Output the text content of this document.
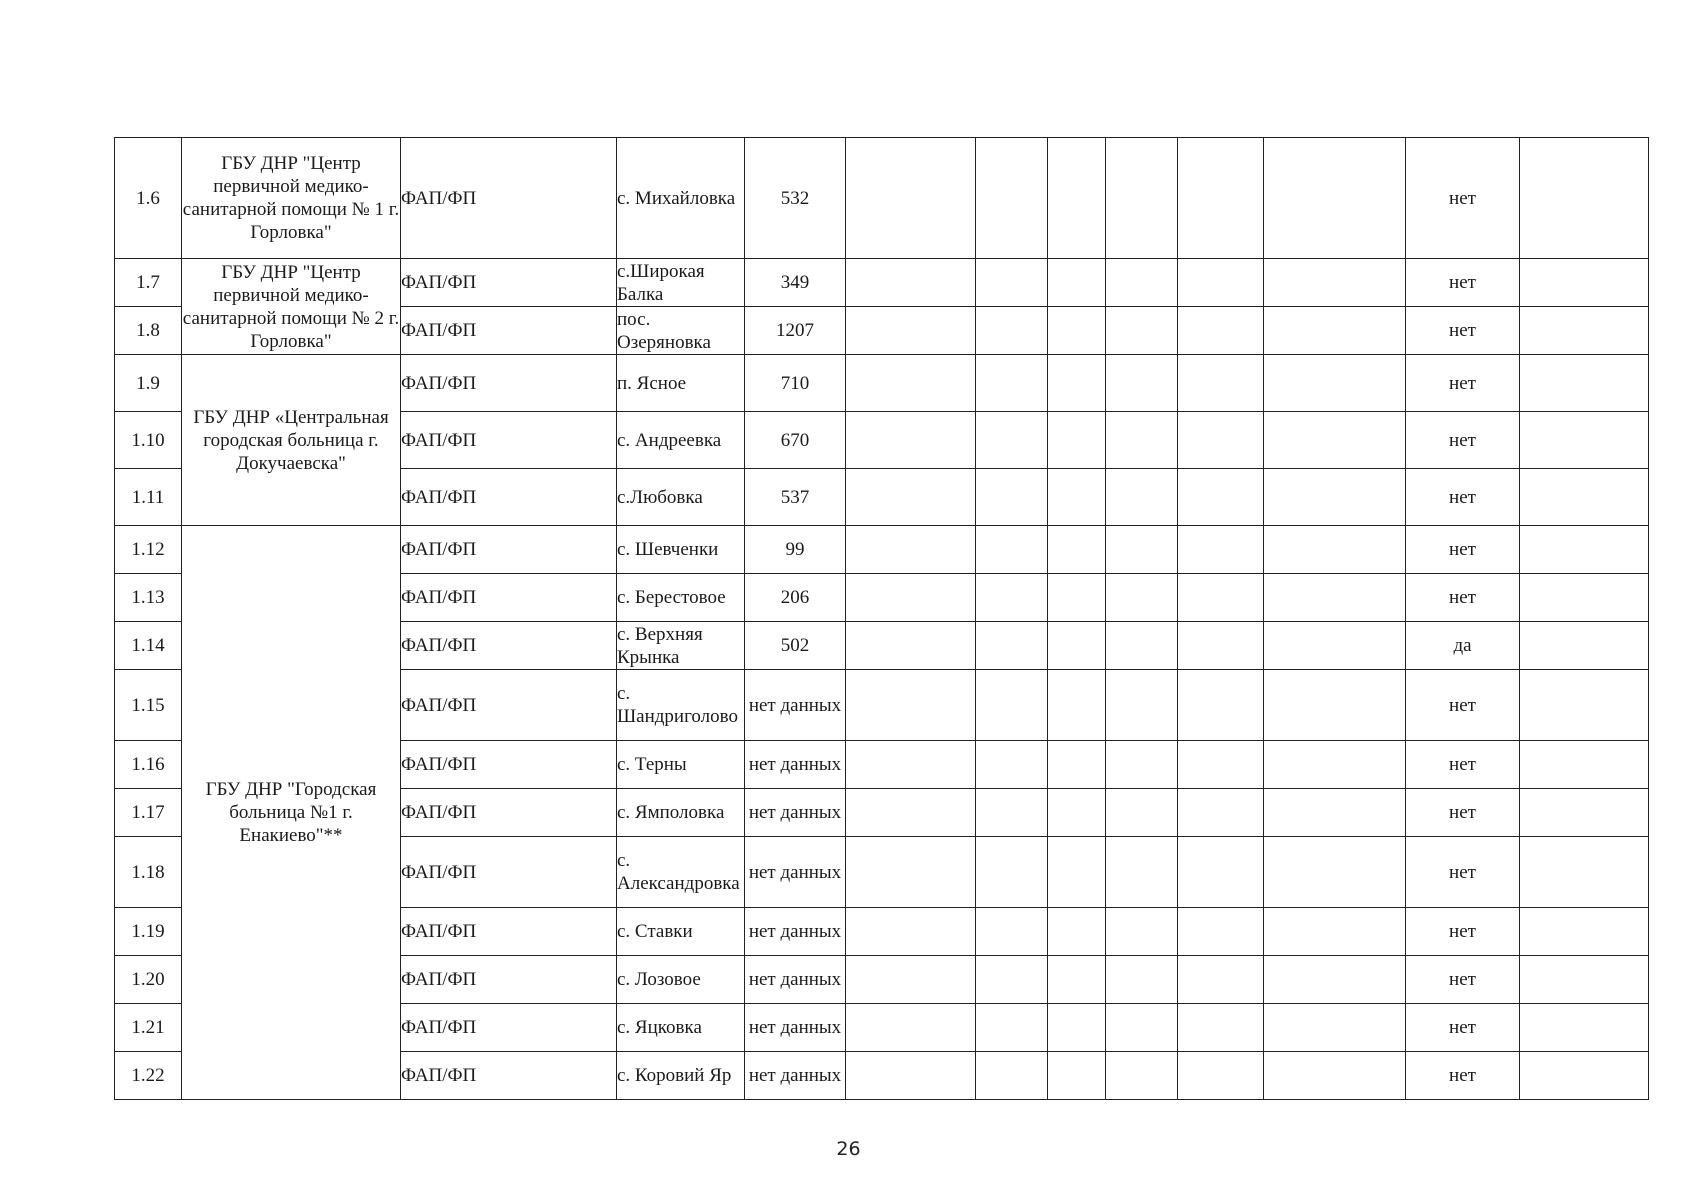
1.6	ГБУ ДНР "Центр первичной медико-санитарной помощи № 1 г. Горловка"	ФАП/ФП	с. Михайловка	532							нет	
1.7	ГБУ ДНР "Центр первичной медико-санитарной помощи № 2 г. Горловка"	ФАП/ФП	с.Широкая Балка	349							нет	
1.8		ФАП/ФП	пос. Озеряновка	1207							нет	
1.9	ГБУ ДНР «Центральная городская больница г. Докучаевска"	ФАП/ФП	п. Ясное	710							нет	
1.10		ФАП/ФП	с. Андреевка	670							нет	
1.11		ФАП/ФП	с.Любовка	537							нет	
1.12	ГБУ ДНР "Городская больница №1 г. Енакиево"**	ФАП/ФП	с. Шевченки	99							нет	
1.13		ФАП/ФП	с. Берестовое	206							нет	
1.14		ФАП/ФП	с. Верхняя Крынка	502							да	
1.15		ФАП/ФП	с. Шандриголово	нет данных							нет	
1.16		ФАП/ФП	с. Терны	нет данных							нет	
1.17		ФАП/ФП	с. Ямполовка	нет данных							нет	
1.18		ФАП/ФП	с. Александровка	нет данных							нет	
1.19		ФАП/ФП	с. Ставки	нет данных							нет	
1.20		ФАП/ФП	с. Лозовое	нет данных							нет	
1.21		ФАП/ФП	с. Яцковка	нет данных							нет	
1.22		ФАП/ФП	с. Коровий Яр	нет данных							нет	
26
